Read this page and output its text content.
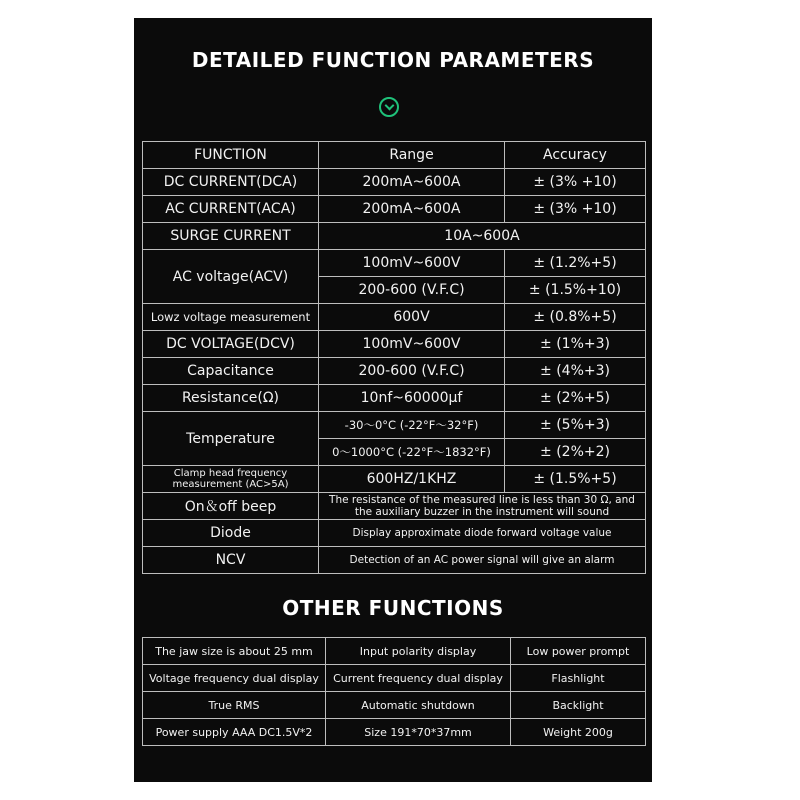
DETAILED FUNCTION PARAMETERS
FUNCTION	Range	Accuracy
DC CURRENT(DCA)	200mA~600A	± (3% +10)
AC CURRENT(ACA)	200mA~600A	± (3% +10)
SURGE CURRENT	10A~600A	
AC voltage(ACV)	100mV~600V	± (1.2%+5)
	200-600 (V.F.C)	± (1.5%+10)
Lowz voltage measurement	600V	± (0.8%+5)
DC VOLTAGE(DCV)	100mV~600V	± (1%+3)
Capacitance	200-600 (V.F.C)	± (4%+3)
Resistance(Ω)	10nf~60000μf	± (2%+5)
Temperature	-30～0°C (-22°F～32°F)	± (5%+3)
	0～1000°C (-22°F～1832°F)	± (2%+2)
Clamp head frequency measurement (AC>5A)	600HZ/1KHZ	± (1.5%+5)
On＆off beep	The resistance of the measured line is less than 30 Ω, and the auxiliary buzzer in the instrument will sound	
Diode	Display approximate diode forward voltage value	
NCV	Detection of an AC power signal will give an alarm	
OTHER FUNCTIONS
The jaw size is about 25 mm	Input polarity display	Low power prompt
Voltage frequency dual display	Current frequency dual display	Flashlight
True RMS	Automatic shutdown	Backlight
Power supply AAA DC1.5V*2	Size 191*70*37mm	Weight 200g
